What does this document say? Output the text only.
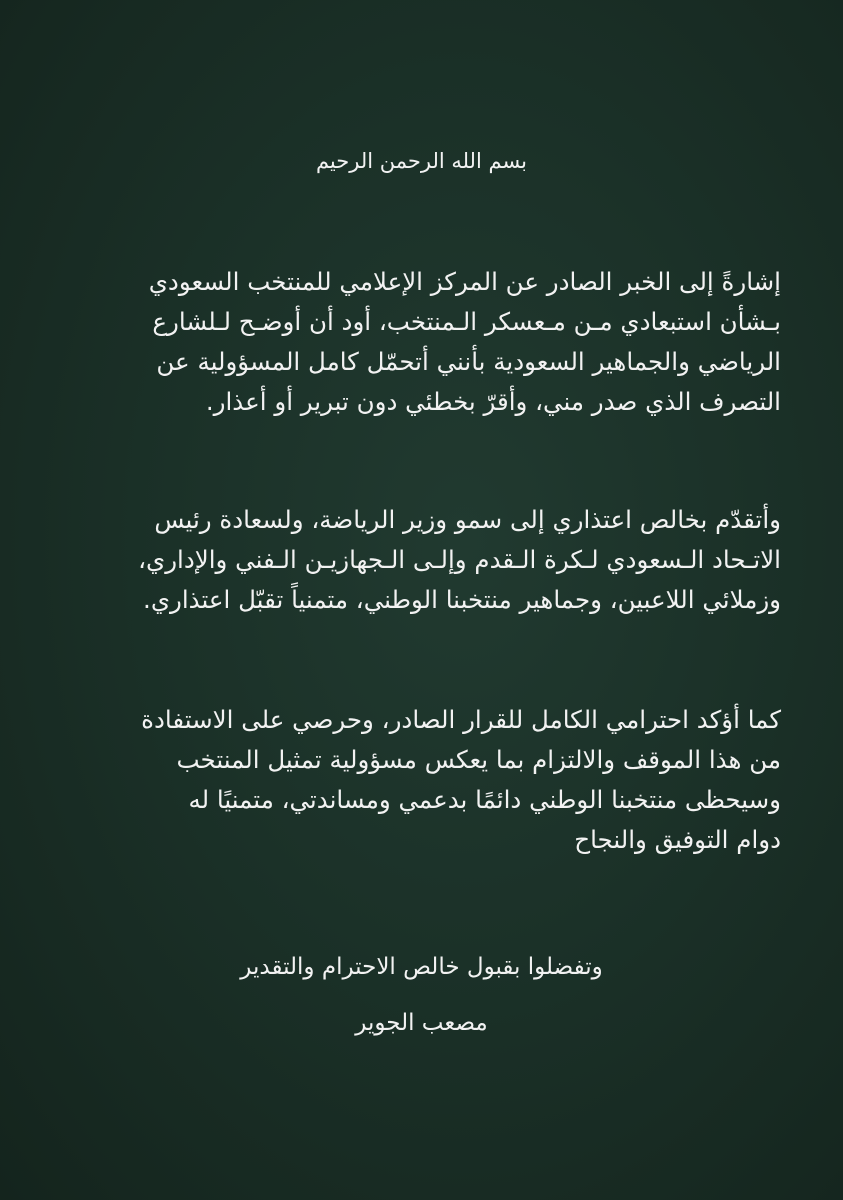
بسم الله الرحمن الرحيم

إشارةً إلى الخبر الصادر عن المركز الإعلامي للمنتخب السعودي
بـشأن استبعادي مـن مـعسكر الـمنتخب، أود أن أوضـح لـلشارع
الرياضي والجماهير السعودية بأنني أتحمّل كامل المسؤولية عن
التصرف الذي صدر مني، وأقرّ بخطئي دون تبرير أو أعذار.

وأتقدّم بخالص اعتذاري إلى سمو وزير الرياضة، ولسعادة رئيس
الاتـحاد الـسعودي لـكرة الـقدم وإلـى الـجهازيـن الـفني والإداري،
وزملائي اللاعبين، وجماهير منتخبنا الوطني، متمنياً تقبّل اعتذاري.

كما أؤكد احترامي الكامل للقرار الصادر، وحرصي على الاستفادة
من هذا الموقف والالتزام بما يعكس مسؤولية تمثيل المنتخب
وسيحظى منتخبنا الوطني دائمًا بدعمي ومساندتي، متمنيًا له
دوام التوفيق والنجاح

وتفضلوا بقبول خالص الاحترام والتقدير

مصعب الجوير
